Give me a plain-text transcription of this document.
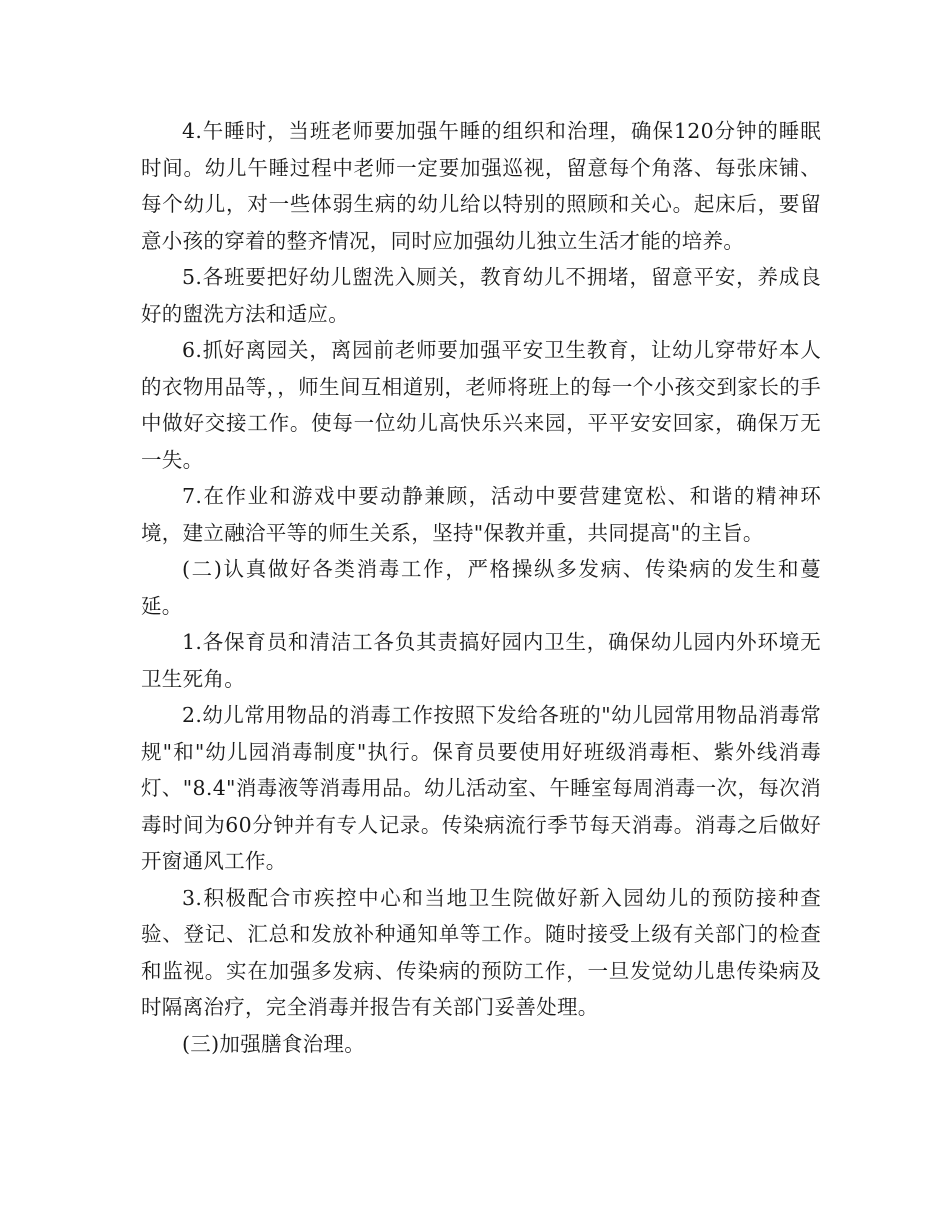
4.午睡时，当班老师要加强午睡的组织和治理，确保120分钟的睡眠时间。幼儿午睡过程中老师一定要加强巡视，留意每个角落、每张床铺、每个幼儿，对一些体弱生病的幼儿给以特别的照顾和关心。起床后，要留意小孩的穿着的整齐情况，同时应加强幼儿独立生活才能的培养。

5.各班要把好幼儿盥洗入厕关，教育幼儿不拥堵，留意平安，养成良好的盥洗方法和适应。

6.抓好离园关，离园前老师要加强平安卫生教育，让幼儿穿带好本人的衣物用品等，，师生间互相道别，老师将班上的每一个小孩交到家长的手中做好交接工作。使每一位幼儿高快乐兴来园，平平安安回家，确保万无一失。

7.在作业和游戏中要动静兼顾，活动中要营建宽松、和谐的精神环境，建立融洽平等的师生关系，坚持"保教并重，共同提高"的主旨。

(二)认真做好各类消毒工作，严格操纵多发病、传染病的发生和蔓延。

1.各保育员和清洁工各负其责搞好园内卫生，确保幼儿园内外环境无卫生死角。

2.幼儿常用物品的消毒工作按照下发给各班的"幼儿园常用物品消毒常规"和"幼儿园消毒制度"执行。保育员要使用好班级消毒柜、紫外线消毒灯、"8.4"消毒液等消毒用品。幼儿活动室、午睡室每周消毒一次，每次消毒时间为60分钟并有专人记录。传染病流行季节每天消毒。消毒之后做好开窗通风工作。

3.积极配合市疾控中心和当地卫生院做好新入园幼儿的预防接种查验、登记、汇总和发放补种通知单等工作。随时接受上级有关部门的检查和监视。实在加强多发病、传染病的预防工作，一旦发觉幼儿患传染病及时隔离治疗，完全消毒并报告有关部门妥善处理。

(三)加强膳食治理。
